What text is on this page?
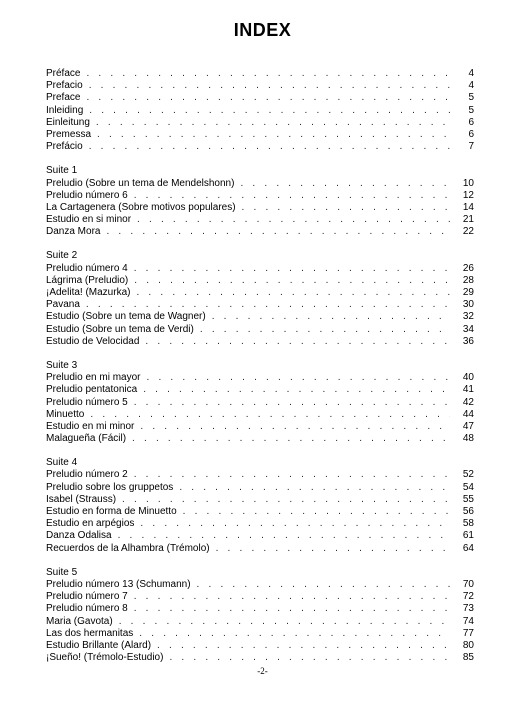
INDEX
Préface . . .	4
Prefacio . . .	4
Preface . . .	5
Inleiding . . .	5
Einleitung . . .	6
Premessa . . .	6
Prefácio . . .	7
Suite 1
Preludio (Sobre un tema de Mendelshonn) . . .	10
Preludio número 6 . . .	12
La Cartagenera (Sobre motivos populares) . . .	14
Estudio en si minor . . .	21
Danza Mora . . .	22
Suite 2
Preludio número 4 . . .	26
Lágrima (Preludio) . . .	28
¡Adelita! (Mazurka) . . .	29
Pavana . . .	30
Estudio (Sobre un tema de Wagner) . . .	32
Estudio (Sobre un tema de Verdi) . . .	34
Estudio de Velocidad . . .	36
Suite 3
Preludio en mi mayor . . .	40
Preludio pentatonica . . .	41
Preludio número 5 . . .	42
Minuetto . . .	44
Estudio en mi minor . . .	47
Malagueña (Fácil) . . .	48
Suite 4
Preludio número 2 . . .	52
Preludio sobre los gruppetos . . .	54
Isabel (Strauss) . . .	55
Estudio en forma de Minuetto . . .	56
Estudio en arpégios . . .	58
Danza Odalisa . . .	61
Recuerdos de la Alhambra (Trémolo) . . .	64
Suite 5
Preludio número 13 (Schumann) . . .	70
Preludio número 7 . . .	72
Preludio número 8 . . .	73
Maria (Gavota) . . .	74
Las dos hermanitas . . .	77
Estudio Brillante (Alard) . . .	80
¡Sueño! (Trémolo-Estudio) . . .	85
-2-
